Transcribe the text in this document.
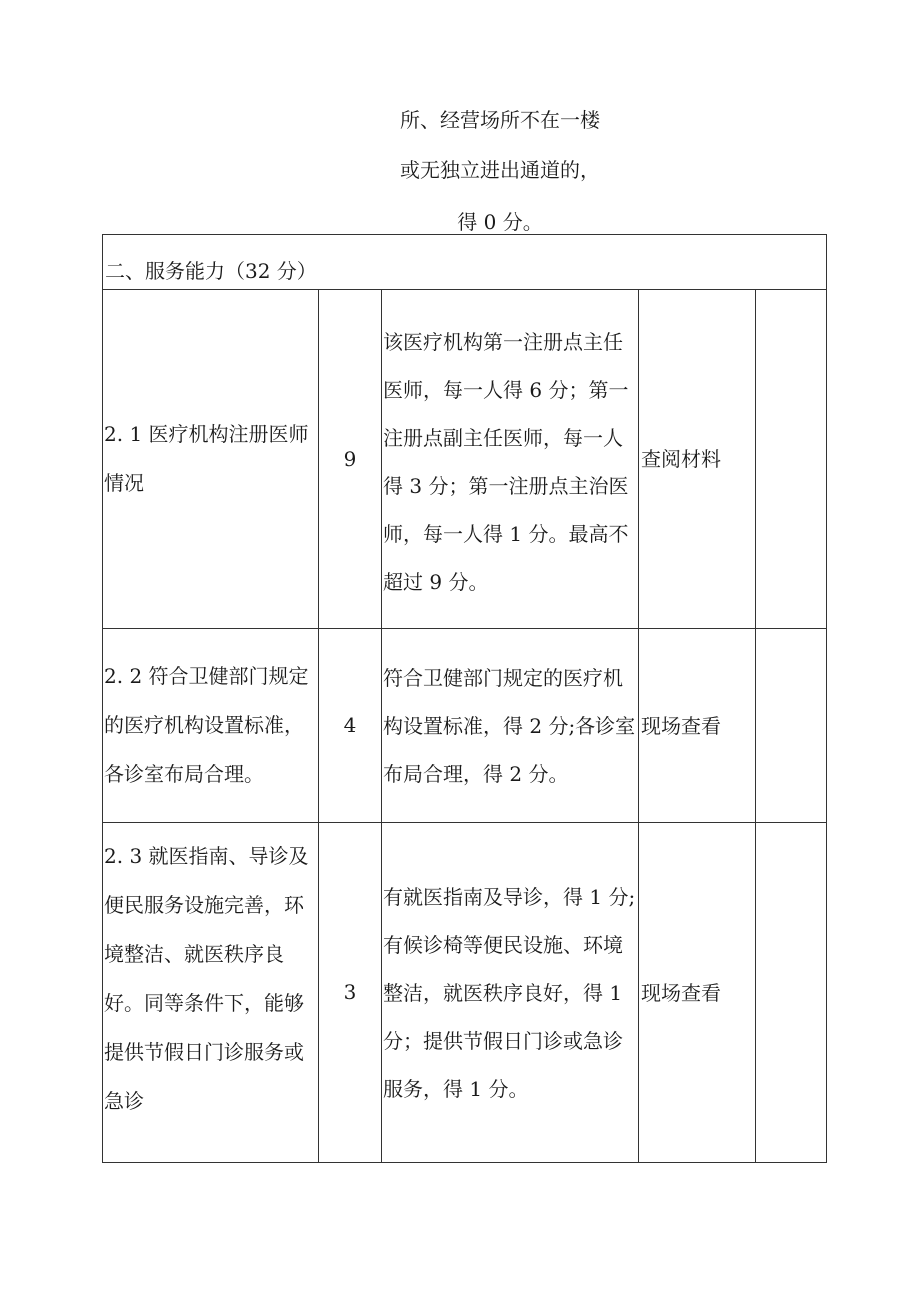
所、经营场所不在一楼

或无独立进出通道的，

得 0 分。

二、服务能力（32 分）				
2. 1 医疗机构注册医师情况	9	该医疗机构第一注册点主任医师，每一人得 6 分；第一注册点副主任医师，每一人得 3 分；第一注册点主治医师，每一人得 1 分。最高不超过 9 分。	查阅材料	
2. 2 符合卫健部门规定的医疗机构设置标准，各诊室布局合理。	4	符合卫健部门规定的医疗机构设置标准，得 2 分;各诊室布局合理，得 2 分。	现场查看	
2. 3 就医指南、导诊及便民服务设施完善，环境整洁、就医秩序良好。同等条件下，能够提供节假日门诊服务或急诊	3	有就医指南及导诊，得 1 分;有候诊椅等便民设施、环境整洁，就医秩序良好，得 1 分；提供节假日门诊或急诊服务，得 1 分。	现场查看	
